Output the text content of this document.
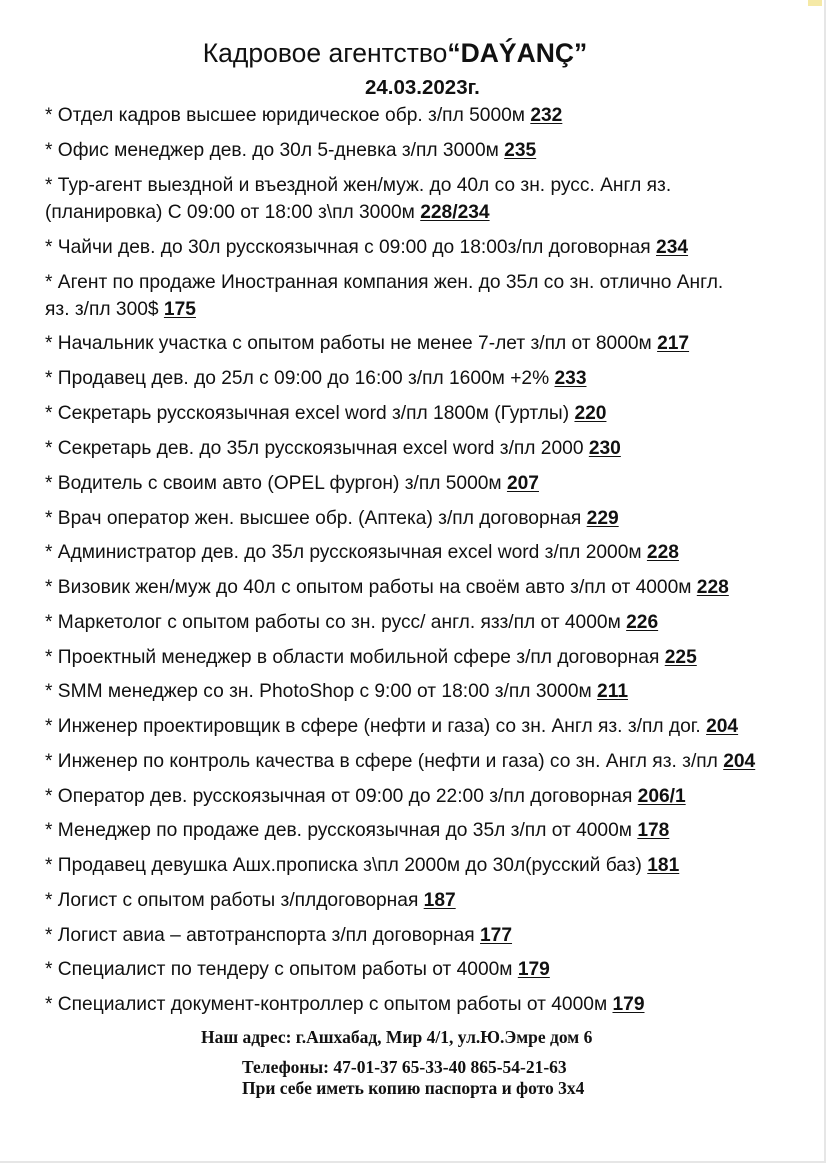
Кадровое агентство“DAÝANÇ”
24.03.2023г.
* Отдел кадров высшее юридическое обр. з/пл 5000м 232
* Офис менеджер дев. до 30л 5-дневка з/пл 3000м 235
* Тур-агент выездной и въездной жен/муж. до 40л со зн. русс. Англ яз.
(планировка) С 09:00 от 18:00 з\пл 3000м 228/234
* Чайчи дев. до 30л русскоязычная с 09:00 до 18:00з/пл договорная 234
* Агент по продаже Иностранная компания жен. до 35л со зн. отлично Англ.
яз. з/пл 300$ 175
* Начальник участка с опытом работы не менее 7-лет з/пл от 8000м 217
* Продавец дев. до 25л с 09:00 до 16:00 з/пл 1600м +2% 233
* Секретарь русскоязычная excel word з/пл 1800м (Гуртлы) 220
* Секретарь дев. до 35л русскоязычная excel word з/пл 2000 230
* Водитель с своим авто (OPEL фургон) з/пл 5000м 207
* Врач оператор жен. высшее обр. (Аптека) з/пл договорная 229
* Администратор дев. до 35л русскоязычная excel word з/пл 2000м 228
* Визовик жен/муж до 40л с опытом работы на своём авто з/пл от 4000м 228
* Маркетолог с опытом работы со зн. русс/ англ. язз/пл от 4000м 226
* Проектный менеджер в области мобильной сфере з/пл договорная 225
* SMM менеджер со зн. PhotoShop с 9:00 от 18:00 з/пл 3000м 211
* Инженер проектировщик в сфере (нефти и газа) со зн. Англ яз. з/пл дог. 204
* Инженер по контроль качества в сфере (нефти и газа) со зн. Англ яз. з/пл 204
* Оператор дев. русскоязычная от 09:00 до 22:00 з/пл договорная 206/1
* Менеджер по продаже дев. русскоязычная до 35л з/пл от 4000м 178
* Продавец девушка Ашх.прописка з\пл 2000м до 30л(русский баз) 181
* Логист с опытом работы з/плдоговорная 187
* Логист авиа – автотранспорта з/пл договорная 177
* Специалист по тендеру с опытом работы от 4000м 179
* Специалист документ-контроллер с опытом работы от 4000м 179
Наш адрес: г.Ашхабад, Мир 4/1, ул.Ю.Эмре дом 6
Телефоны: 47-01-37 65-33-40 865-54-21-63
При себе иметь копию паспорта и фото 3x4
